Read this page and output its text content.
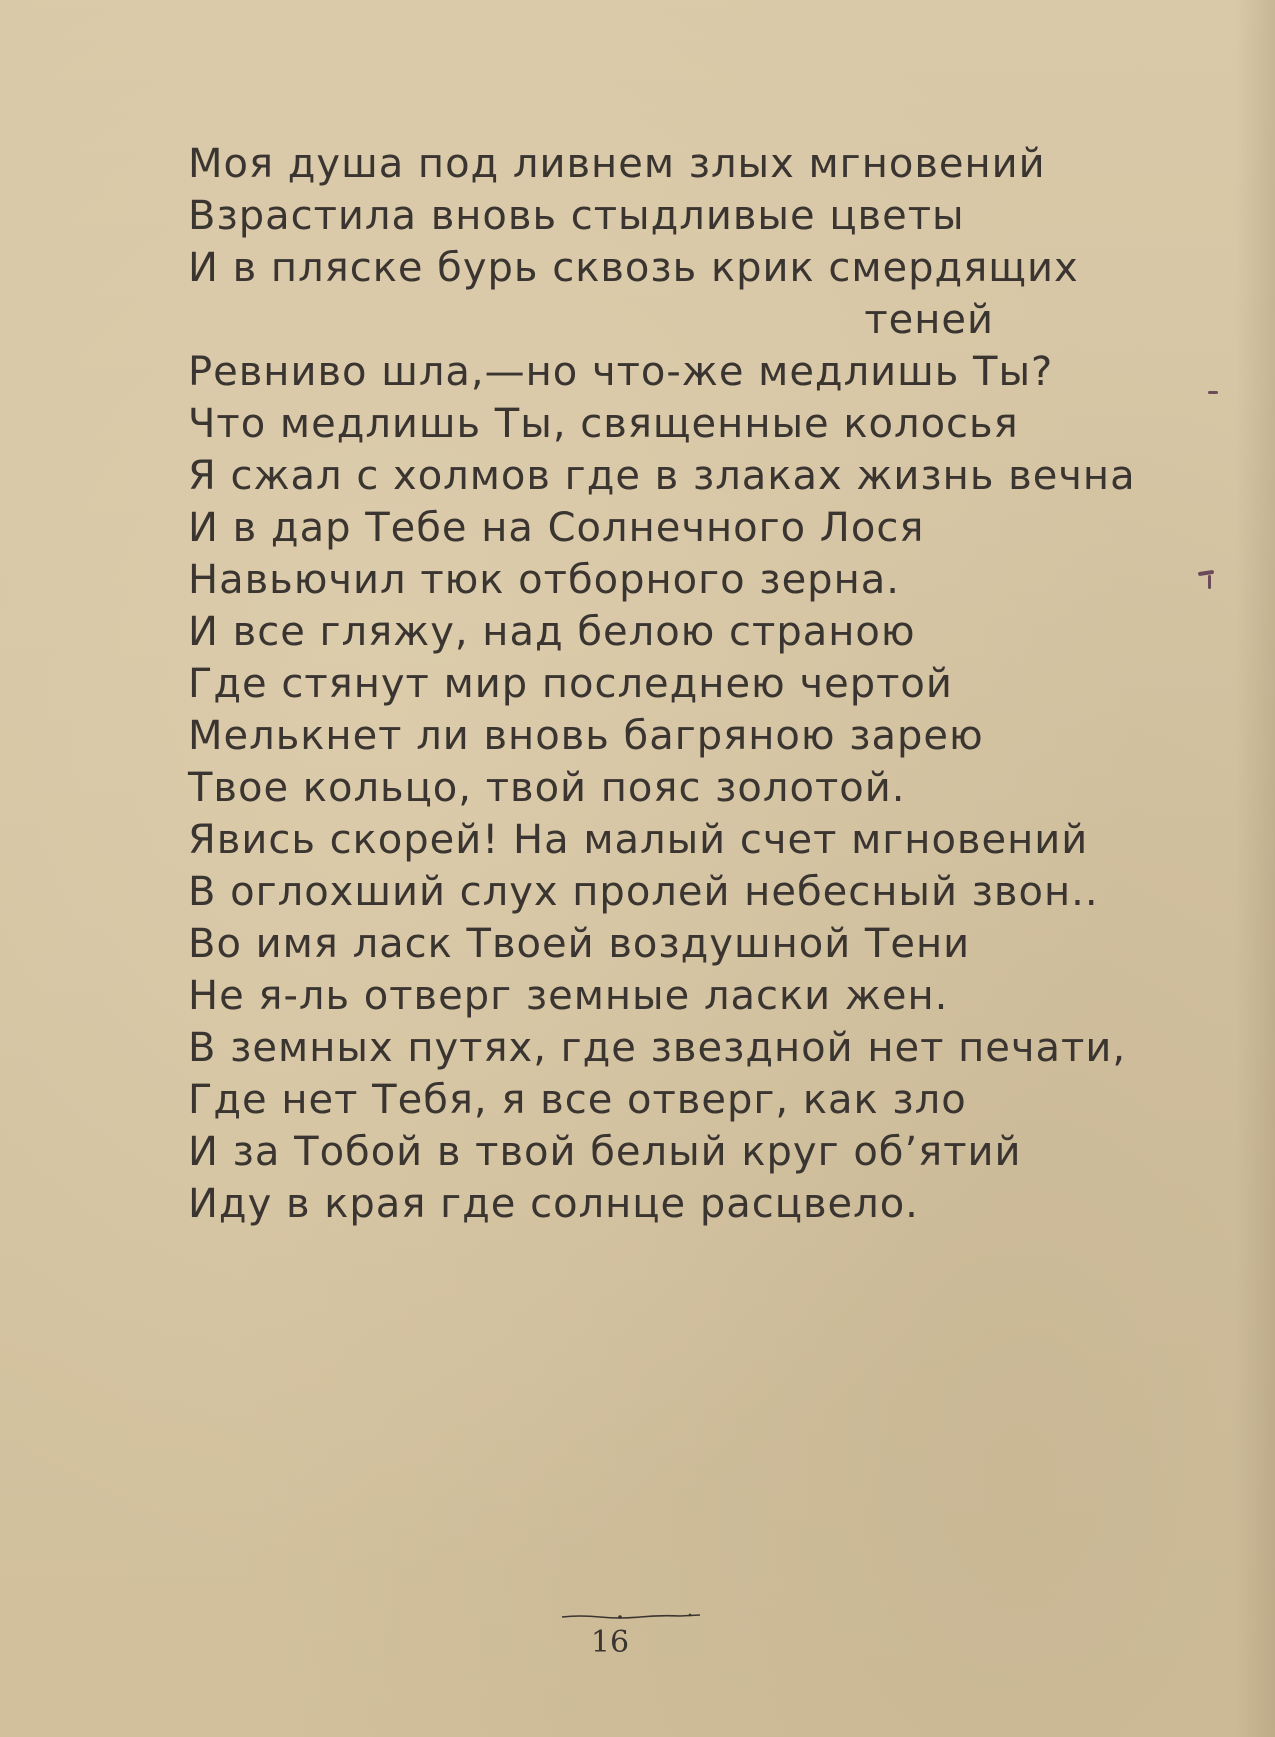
Моя душа под ливнем злых мгновений
Взрастила вновь стыдливые цветы
И в пляске бурь сквозь крик смердящих
теней
Ревниво шла,—но что-же медлишь Ты?
Что медлишь Ты, священные колосья
Я сжал с холмов где в злаках жизнь вечна
И в дар Тебе на Солнечного Лося
Навьючил тюк отборного зерна.
И все гляжу, над белою страною
Где стянут мир последнею чертой
Мелькнет ли вновь багряною зарею
Твое кольцо, твой пояс золотой.
Явись скорей! На малый счет мгновений
В оглохший слух пролей небесный звон..
Во имя ласк Твоей воздушной Тени
Не я-ль отверг земные ласки жен.
В земных путях, где звездной нет печати,
Где нет Тебя, я все отверг, как зло
И за Тобой в твой белый круг об’ятий
Иду в края где солнце расцвело.
16
